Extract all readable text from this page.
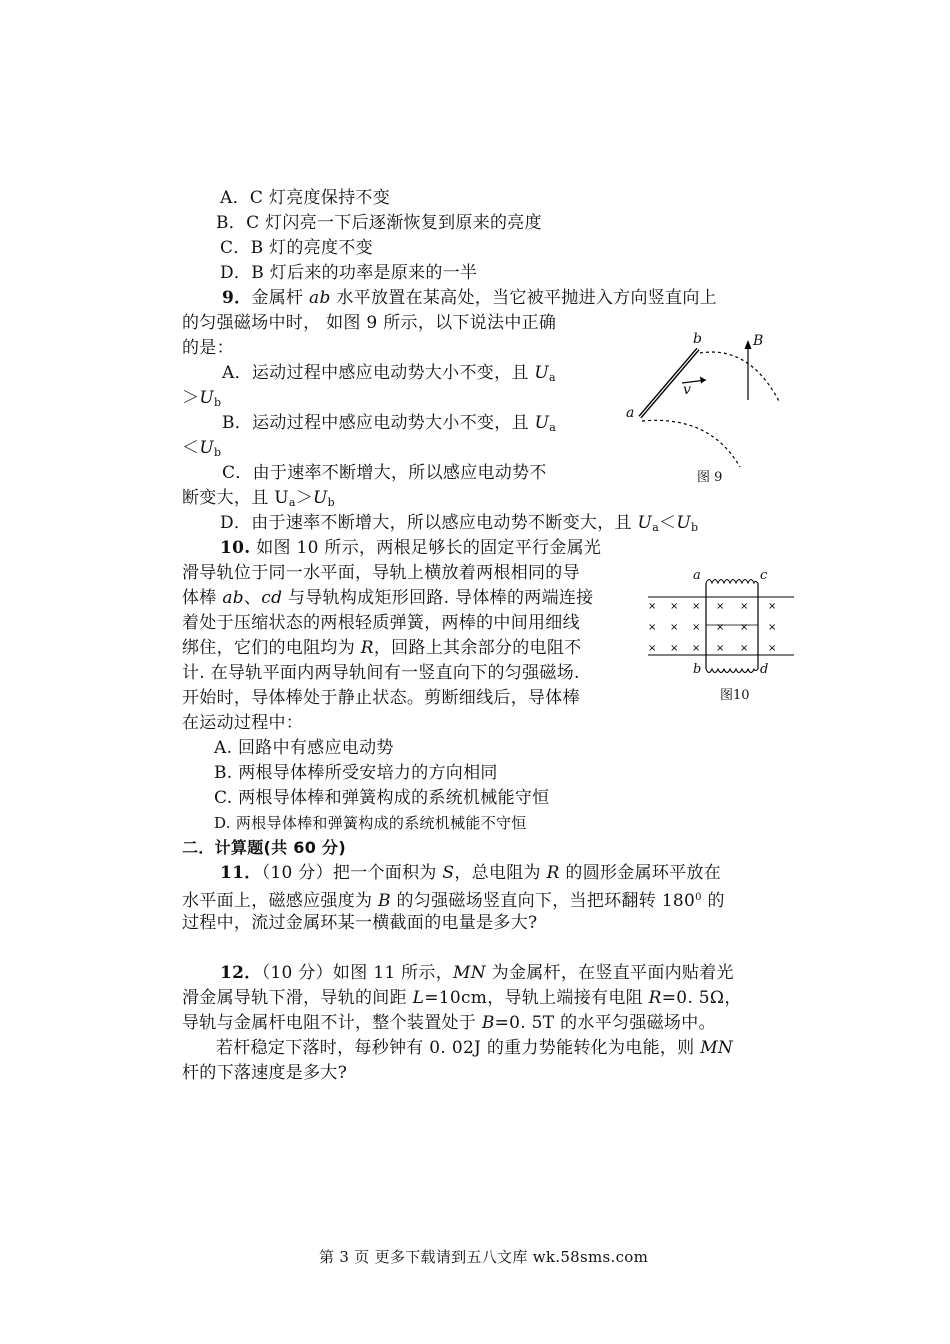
A．C 灯亮度保持不变
B．C 灯闪亮一下后逐渐恢复到原来的亮度
C．B 灯的亮度不变
D．B 灯后来的功率是原来的一半
9．金属杆 ab 水平放置在某高处，当它被平抛进入方向竖直向上
的匀强磁场中时， 如图 9 所示，以下说法中正确
的是：
A．运动过程中感应电动势大小不变，且 $U_a$
$>U_b$
B．运动过程中感应电动势大小不变，且 $U_a$
$<U_b$
C．由于速率不断增大，所以感应电动势不
断变大，且 $U_a>U_b$
D．由于速率不断增大，所以感应电动势不断变大，且 $U_a<U_b$
b	B
a
v
图 9
10. 如图 10 所示，两根足够长的固定平行金属光
滑导轨位于同一水平面，导轨上横放着两根相同的导
体棒 ab、cd 与导轨构成矩形回路. 导体棒的两端连接
着处于压缩状态的两根轻质弹簧，两棒的中间用细线
绑住，它们的电阻均为 R，回路上其余部分的电阻不
计. 在导轨平面内两导轨间有一竖直向下的匀强磁场.
开始时，导体棒处于静止状态。剪断细线后，导体棒
在运动过程中：
A. 回路中有感应电动势
B. 两根导体棒所受安培力的方向相同
C. 两根导体棒和弹簧构成的系统机械能守恒
D. 两根导体棒和弹簧构成的系统机械能不守恒
× × × × × ×
× × × × × ×
× × × × × ×
a	c
b	d
图10
二．计算题(共 60 分)
11．（10 分）把一个面积为 S，总电阻为 R 的圆形金属环平放在
水平面上，磁感应强度为 B 的匀强磁场竖直向下，当把环翻转 $180^0$ 的
过程中，流过金属环某一横截面的电量是多大?
12．（10 分）如图 11 所示，MN 为金属杆，在竖直平面内贴着光
滑金属导轨下滑，导轨的间距 L=10cm，导轨上端接有电阻 R=0. 5Ω，
导轨与金属杆电阻不计，整个装置处于 B=0. 5T 的水平匀强磁场中。
若杆稳定下落时，每秒钟有 0. 02J 的重力势能转化为电能，则 MN
杆的下落速度是多大?
第 3 页 更多下载请到五八文库 wk.58sms.com
